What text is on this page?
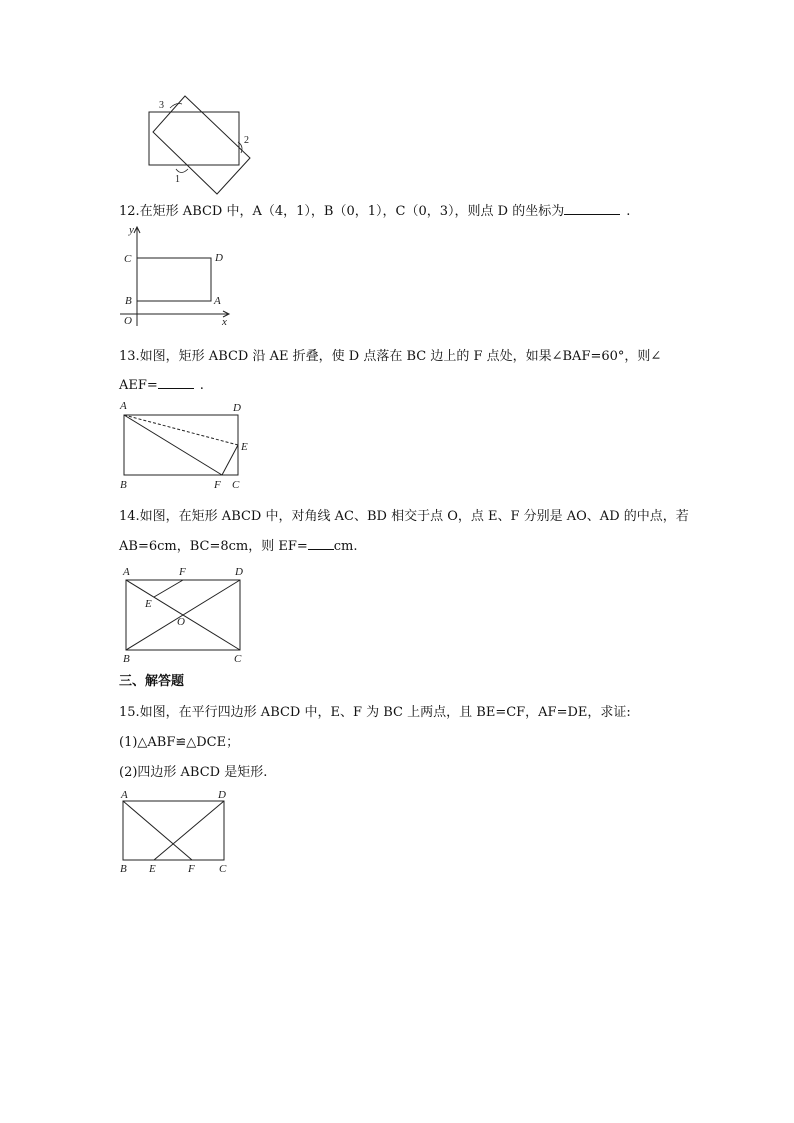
3
2
1
12.在矩形 ABCD 中，A（4，1），B（0，1），C（0，3），则点 D 的坐标为	.
y
x
O
C	D
B	A
13.如图，矩形 ABCD 沿 AE 折叠，使 D 点落在 BC 边上的 F 点处，如果∠BAF=60°，则∠
AEF=	.
A	D
E
B	F C
14.如图，在矩形 ABCD 中，对角线 AC、BD 相交于点 O，点 E、F 分别是 AO、AD 的中点，若
AB=6cm，BC=8cm，则 EF= cm.
A	F	D
E
O
B	C
三、解答题
15.如图，在平行四边形 ABCD 中，E、F 为 BC 上两点，且 BE=CF，AF=DE，求证:
(1)△ABF≌△DCE；
(2)四边形 ABCD 是矩形.
A	D
B E	F C
